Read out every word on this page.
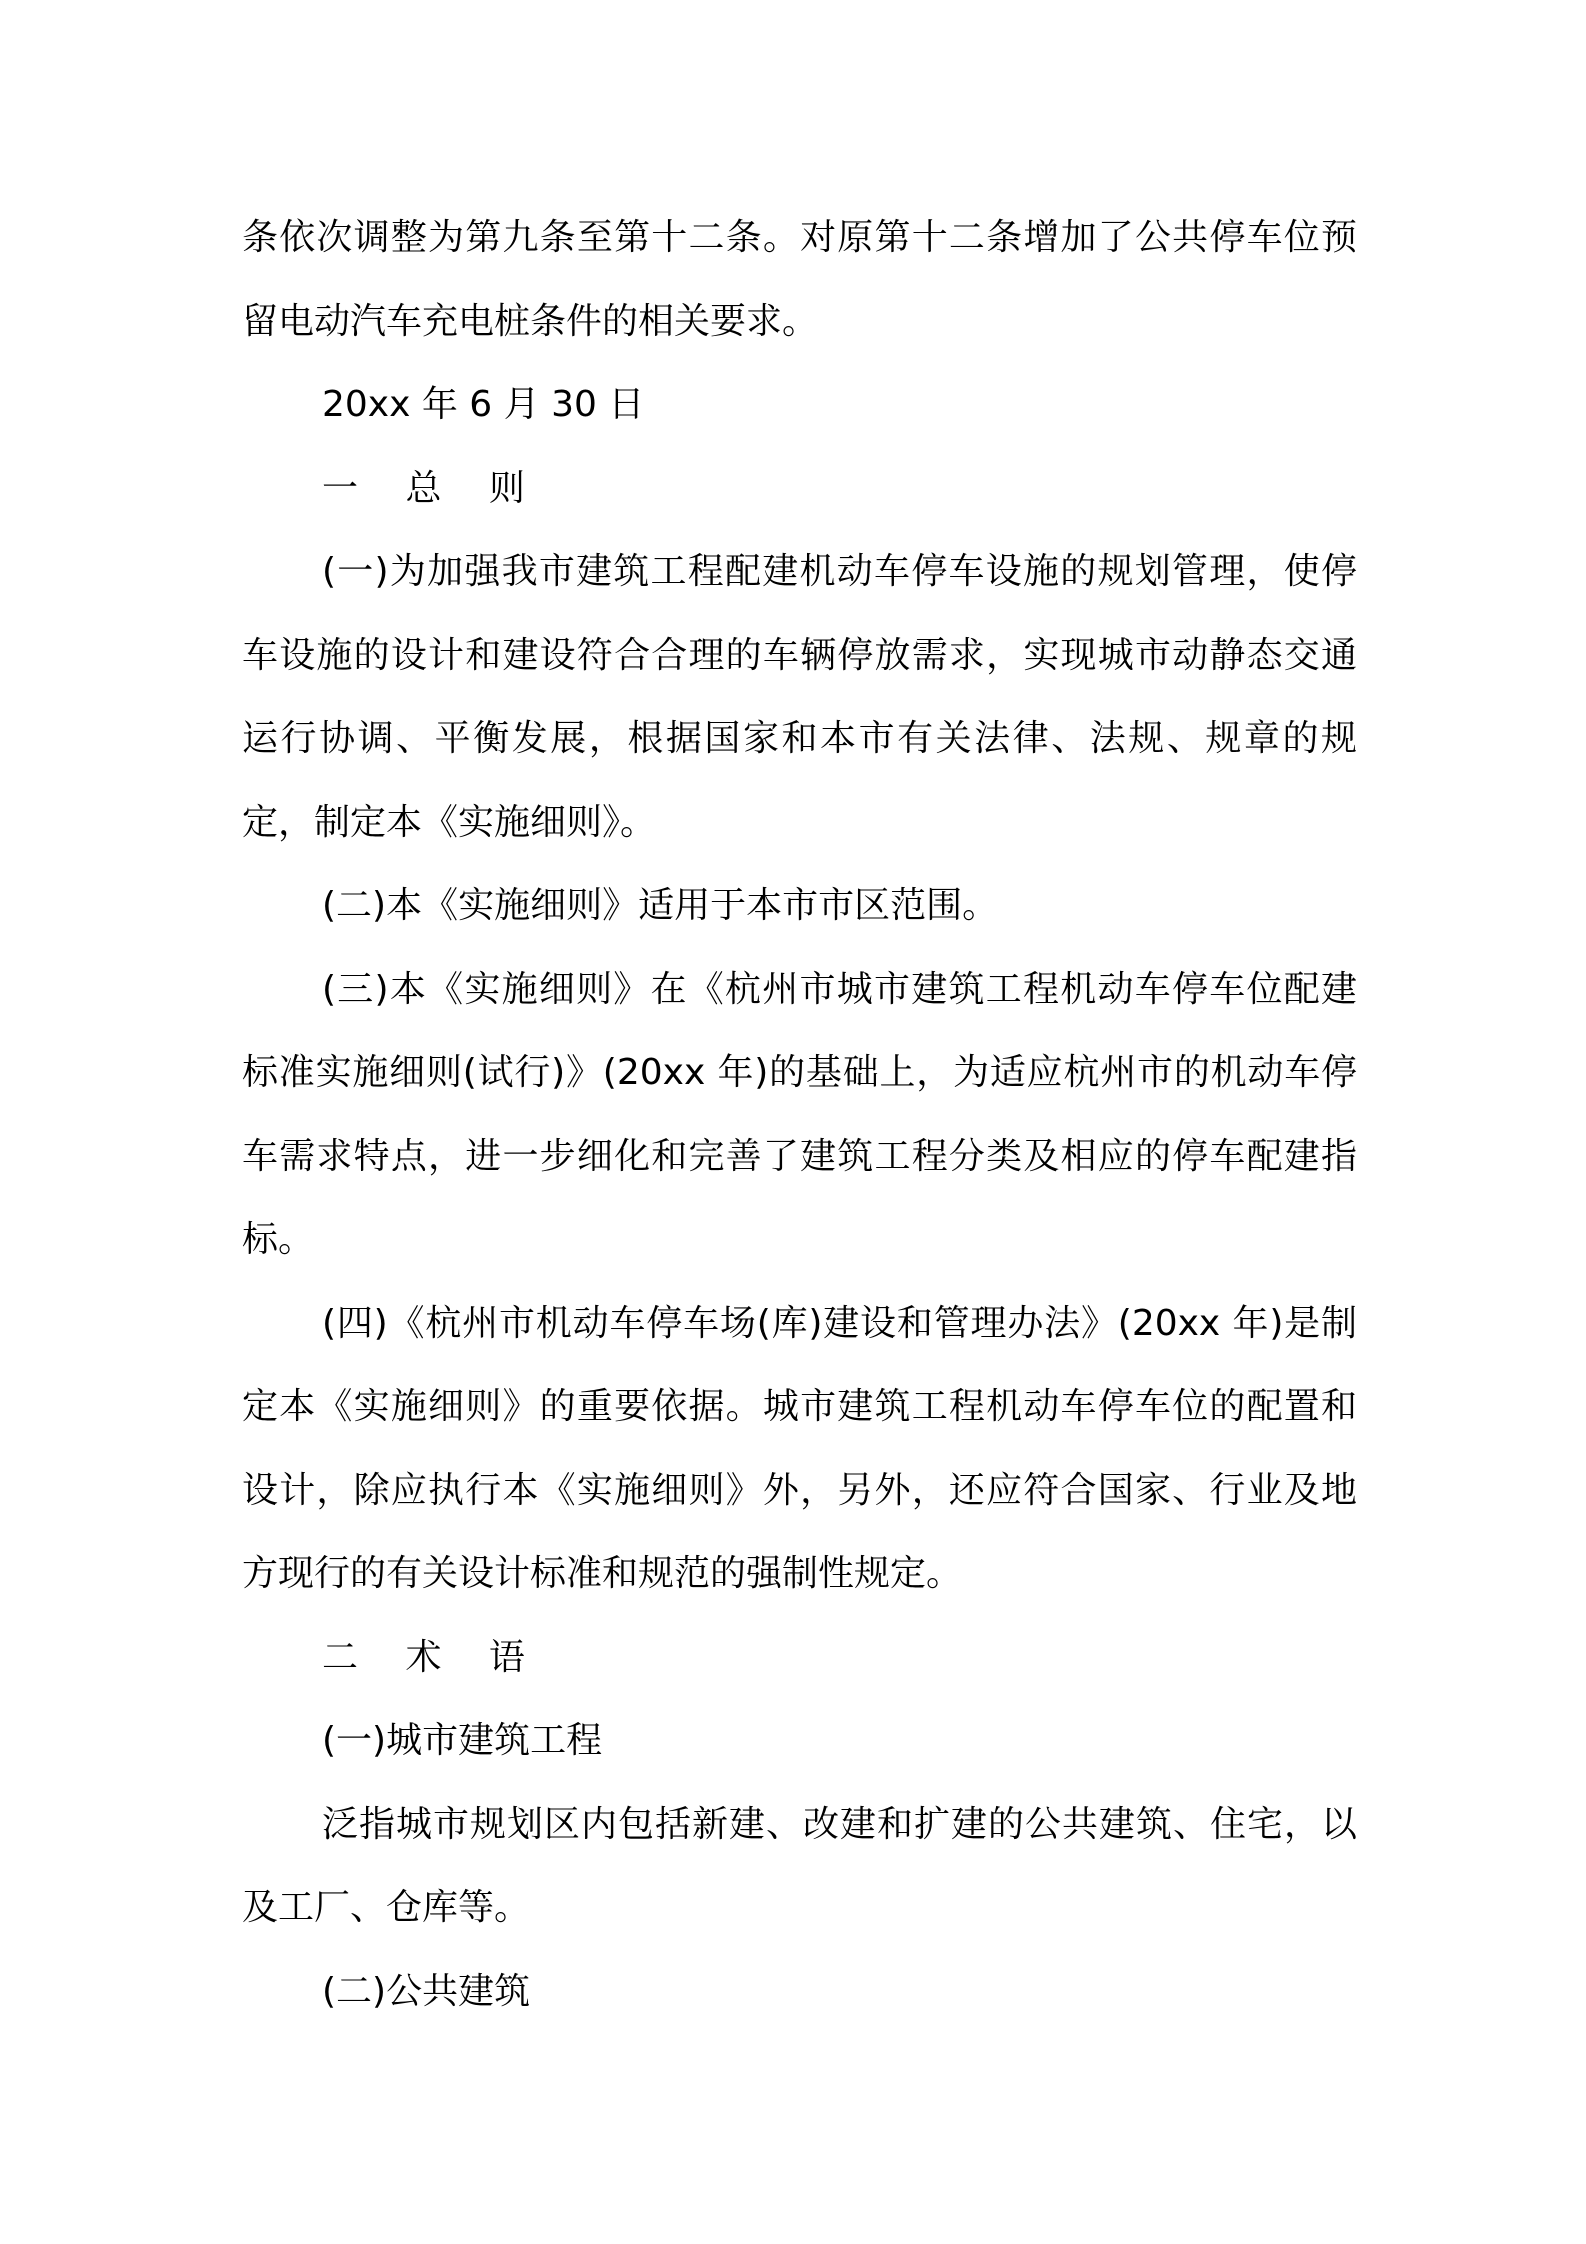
条依次调整为第九条至第十二条。对原第十二条增加了公共停车位预留电动汽车充电桩条件的相关要求。

20xx 年 6 月 30 日

一　 总　 则

(一)为加强我市建筑工程配建机动车停车设施的规划管理，使停车设施的设计和建设符合合理的车辆停放需求，实现城市动静态交通运行协调、平衡发展，根据国家和本市有关法律、法规、规章的规定，制定本《实施细则》。

(二)本《实施细则》适用于本市市区范围。

(三)本《实施细则》在《杭州市城市建筑工程机动车停车位配建标准实施细则(试行)》(20xx 年)的基础上，为适应杭州市的机动车停车需求特点，进一步细化和完善了建筑工程分类及相应的停车配建指标。

(四)《杭州市机动车停车场(库)建设和管理办法》(20xx 年)是制定本《实施细则》的重要依据。城市建筑工程机动车停车位的配置和设计，除应执行本《实施细则》外，另外，还应符合国家、行业及地方现行的有关设计标准和规范的强制性规定。

二　 术　 语

(一)城市建筑工程

泛指城市规划区内包括新建、改建和扩建的公共建筑、住宅，以及工厂、仓库等。

(二)公共建筑
